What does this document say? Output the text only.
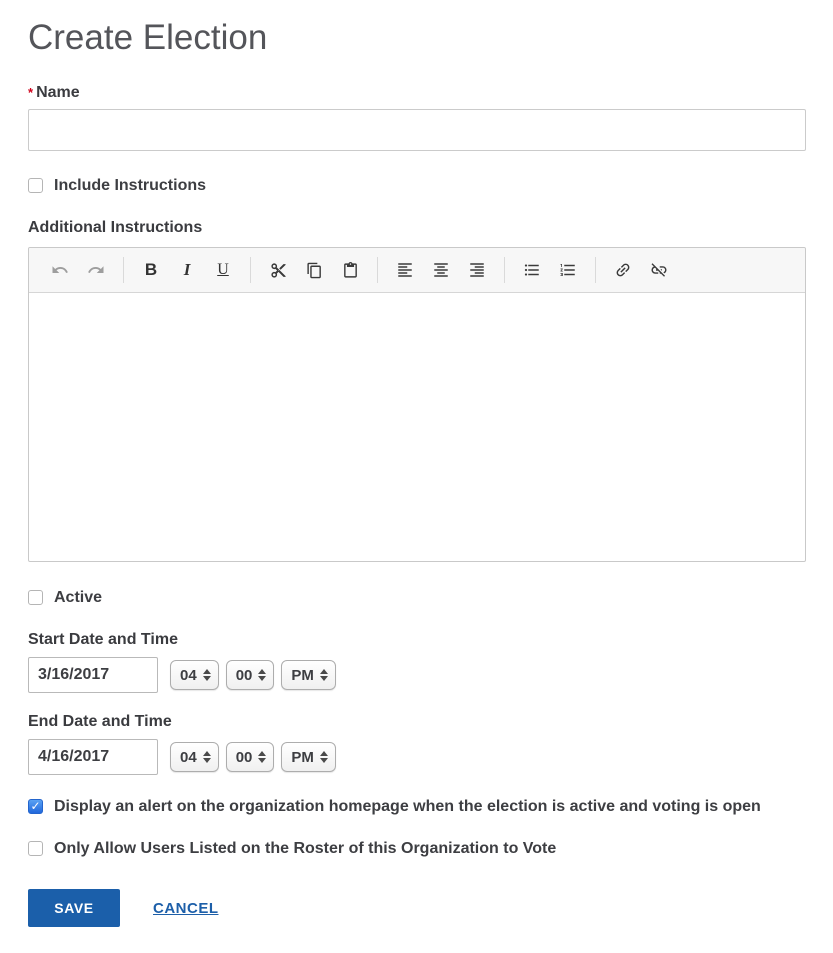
Create Election
* Name
Include Instructions
Additional Instructions
B I U
Active
Start Date and Time
3/16/2017
04	00	PM
End Date and Time
4/16/2017
04	00	PM
✓
Display an alert on the organization homepage when the election is active and voting is open
Only Allow Users Listed on the Roster of this Organization to Vote
SAVE	CANCEL
